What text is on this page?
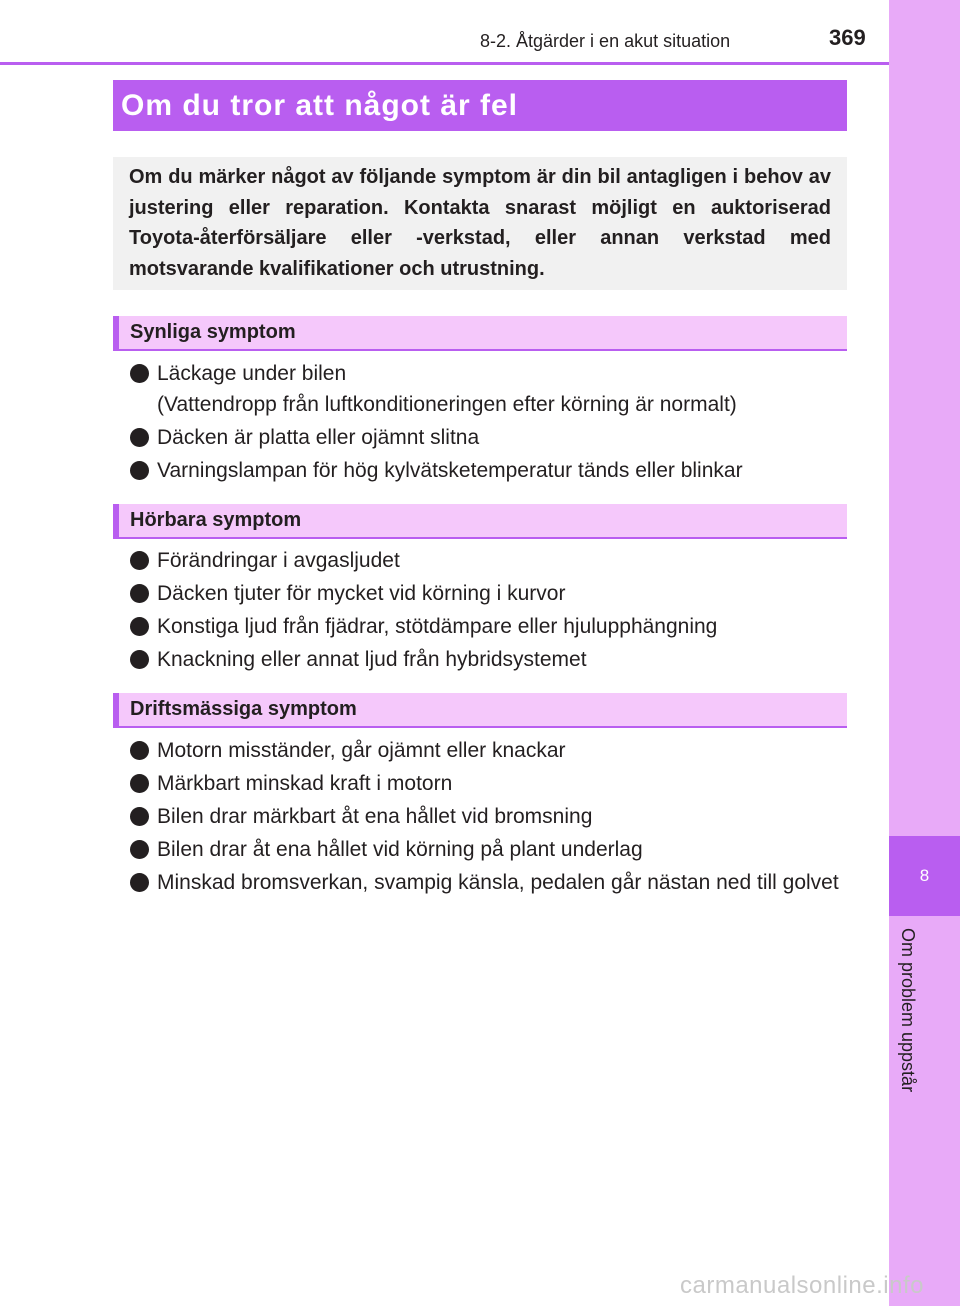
8
Om problem uppstår
8-2. Åtgärder i en akut situation	369
Om du tror att något är fel

Om du märker något av följande symptom är din bil antagligen i behov av justering eller reparation. Kontakta snarast möjligt en auktoriserad Toyota-återförsäljare eller -verkstad, eller annan verkstad med motsvarande kvalifikationer och utrustning.

Synliga symptom
Läckage under bilen
(Vattendropp från luftkonditioneringen efter körning är normalt)
Däcken är platta eller ojämnt slitna
Varningslampan för hög kylvätsketemperatur tänds eller blinkar
Hörbara symptom
Förändringar i avgasljudet
Däcken tjuter för mycket vid körning i kurvor
Konstiga ljud från fjädrar, stötdämpare eller hjulupphängning
Knackning eller annat ljud från hybridsystemet
Driftsmässiga symptom
Motorn misständer, går ojämnt eller knackar
Märkbart minskad kraft i motorn
Bilen drar märkbart åt ena hållet vid bromsning
Bilen drar åt ena hållet vid körning på plant underlag
Minskad bromsverkan, svampig känsla, pedalen går nästan ned till golvet
carmanualsonline.info
